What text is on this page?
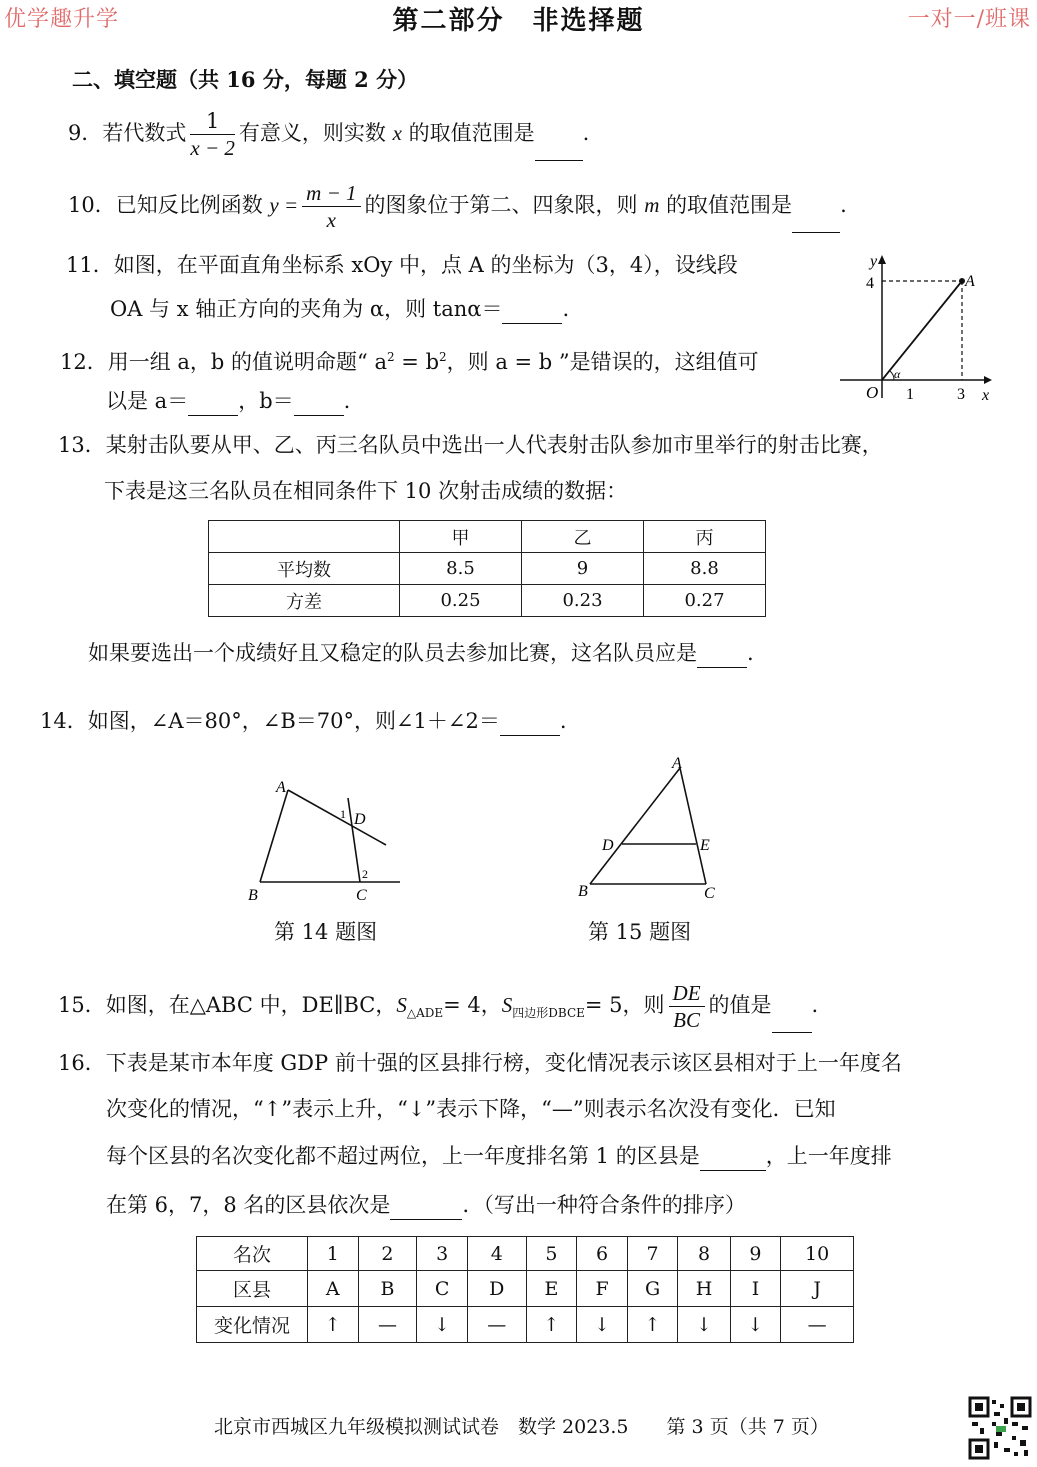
优学趣升学	一对一/班课
第二部分　非选择题
二、填空题（共 16 分，每题 2 分）
9．若代数式 $\frac{1}{x - 2}$ 有意义，则实数 x 的取值范围是 .
10．已知反比例函数 $y = \frac{m - 1}{x}$ 的图象位于第二、四象限，则 m 的取值范围是 .
11．如图，在平面直角坐标系 xOy 中，点 A 的坐标为（3，4），设线段
OA 与 x 轴正方向的夹角为 α，则 tanα＝	.
y
x
O
A
α
4
1	3
12．用一组 a，b 的值说明命题“ $a^2 = b^2$，则 a = b ”是错误的，这组值可
以是 a＝ ，b＝ .
13．某射击队要从甲、乙、丙三名队员中选出一人代表射击队参加市里举行的射击比赛，
下表是这三名队员在相同条件下 10 次射击成绩的数据：
	甲	乙	丙
平均数	8.5	9	8.8
方差	0.25	0.23	0.27
如果要选出一个成绩好且又稳定的队员去参加比赛，这名队员应是 .
14．如图，∠A＝80°，∠B＝70°，则∠1＋∠2＝	.
A
B	C
D
1
2
第 14 题图
A
B	C
D	E
第 15 题图
15．如图，在△ABC 中，DE∥BC，$S_{\triangle ADE}= 4$，$S_{四边形DBCE}= 5$，则 $\frac{DE}{BC}$ 的值是 .
16．下表是某市本年度 GDP 前十强的区县排行榜，变化情况表示该区县相对于上一年度名
次变化的情况，“↑”表示上升，“↓”表示下降，“—”则表示名次没有变化．已知
每个区县的名次变化都不超过两位，上一年度排名第 1 的区县是	，上一年度排
在第 6，7，8 名的区县依次是	．（写出一种符合条件的排序）
名次	1	2	3	4	5	6	7	8	9	10
区县	A	B	C	D	E	F	G	H	I	J
变化情况	↑	—	↓	—	↑	↓	↑	↓	↓	—
北京市西城区九年级模拟测试试卷　数学 2023.5　　第 3 页（共 7 页）
